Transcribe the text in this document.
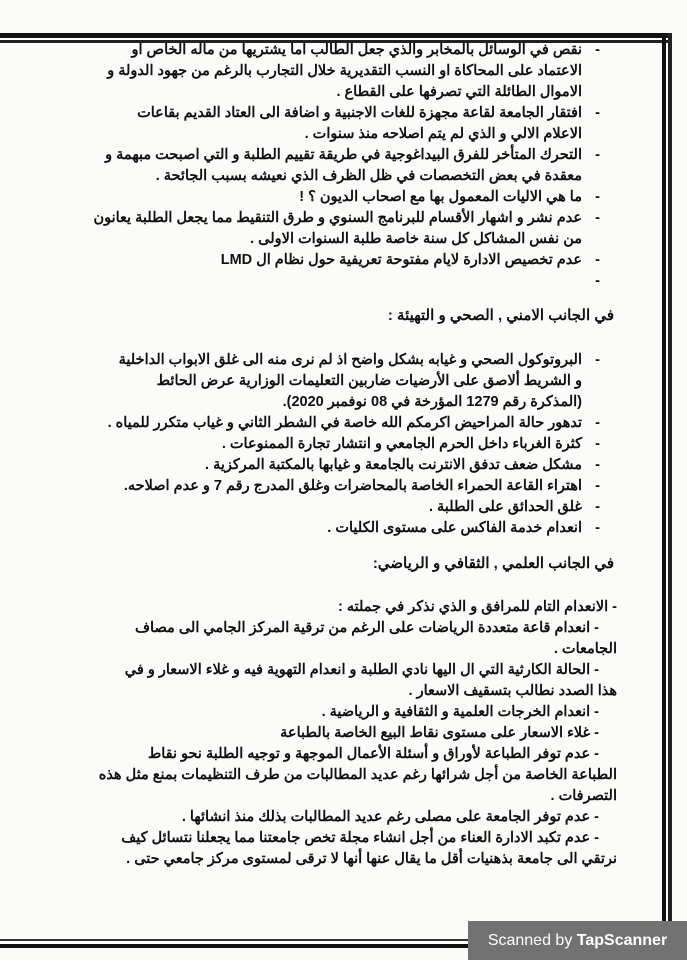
-
نقص في الوسائل بالمخابر والذي جعل الطالب اما يشتريها من ماله الخاص او
الاعتماد على المحاكاة او النسب التقديرية خلال التجارب بالرغم من جهود الدولة و
الاموال الطائلة التي تصرفها على القطاع .
-
افتقار الجامعة لقاعة مجهزة للغات الاجنبية و اضافة الى العتاد القديم بقاعات
الاعلام الالي و الذي لم يتم اصلاحه منذ سنوات .
-
التحرك المتأخر للفرق البيداغوجية في طريقة تقييم الطلبة و التي اصبحت مبهمة و
معقدة في بعض التخصصات في ظل الظرف الذي نعيشه بسبب الجائحة .
-
ما هي الاليات المعمول بها مع اصحاب الديون ؟ !
-
عدم نشر و اشهار الأقسام للبرنامج السنوي و طرق التنقيط مما يجعل الطلبة يعانون
من نفس المشاكل كل سنة خاصة طلبة السنوات الاولى .
-
عدم تخصيص الادارة لايام مفتوحة تعريفية حول نظام ال LMD
-

في الجانب الامني , الصحي و التهيئة :
-
البروتوكول الصحي و غيابه بشكل واضح اذ لم نرى منه الى غلق الابواب الداخلية
و الشريط ألاصق على الأرضيات ضاربين التعليمات الوزارية عرض الحائط
(المذكرة رقم 1279 المؤرخة في 08 نوفمبر 2020).
-
تدهور حالة المراحيض اكرمكم الله خاصة في الشطر الثاني و غياب متكرر للمياه .
-
كثرة الغرباء داخل الحرم الجامعي و انتشار تجارة الممنوعات .
-
مشكل ضعف تدفق الانترنت بالجامعة و غيابها بالمكتبة المركزية .
-
اهتراء القاعة الحمراء الخاصة بالمحاضرات وغلق المدرج رقم 7 و عدم اصلاحه.
-
غلق الحدائق على الطلبة .
-
انعدام خدمة الفاكس على مستوى الكليات .
في الجانب العلمي , الثقافي و الرياضي:
- الانعدام التام للمرافق و الذي نذكر في جملته :
- انعدام قاعة متعددة الرياضات على الرغم من ترقية المركز الجامي الى مصاف
الجامعات .
- الحالة الكارثية التي ال اليها نادي الطلبة و انعدام التهوية فيه و غلاء الاسعار و في
هذا الصدد نطالب بتسقيف الاسعار .
- انعدام الخرجات العلمية و الثقافية و الرياضية .
- غلاء الاسعار على مستوى نقاط البيع الخاصة بالطباعة
- عدم توفر الطباعة لأوراق و أسئلة الأعمال الموجهة و توجيه الطلبة نحو نقاط
الطباعة الخاصة من أجل شرائها رغم عديد المطالبات من طرف التنظيمات بمنع مثل هذه
التصرفات .
- عدم توفر الجامعة على مصلى رغم عديد المطالبات بذلك منذ انشائها .
- عدم تكبد الادارة العناء من أجل انشاء مجلة تخص جامعتنا مما يجعلنا نتسائل كيف
نرتقي الى جامعة بذهنيات أقل ما يقال عنها أنها لا ترقى لمستوى مركز جامعي حتى .
Scanned by TapScanner
